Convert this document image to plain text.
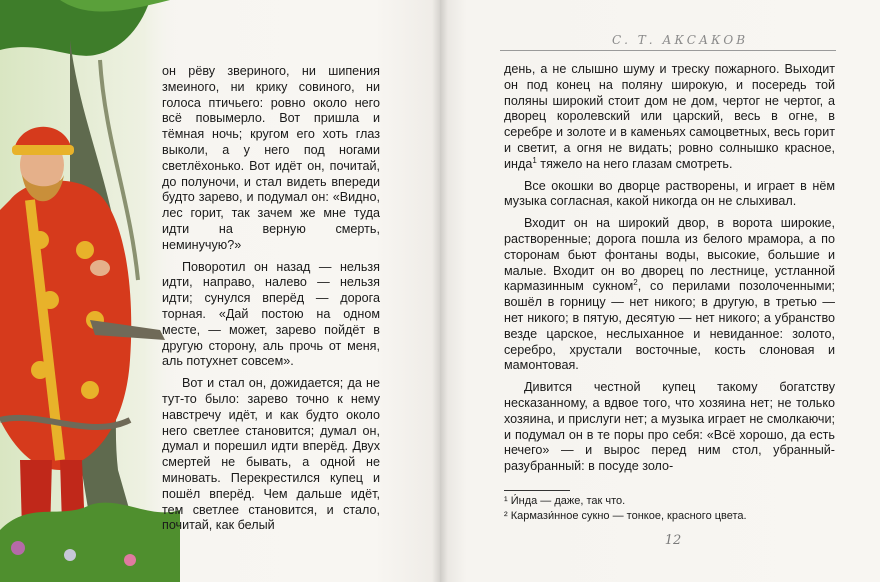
он рёву звериного, ни шипения змеиного, ни крику совиного, ни голоса птичьего: ровно около него всё повымерло. Вот пришла и тёмная ночь; кругом его хоть глаз выколи, а у него под ногами светлёхонько. Вот идёт он, почитай, до полуночи, и стал видеть впереди будто зарево, и подумал он: «Видно, лес горит, так зачем же мне туда идти на верную смерть, неминучую?»

Поворотил он назад — нельзя идти, направо, налево — нельзя идти; сунулся вперёд — дорога торная. «Дай постою на одном месте, — может, зарево пойдёт в другую сторону, аль прочь от меня, аль потухнет совсем».

Вот и стал он, дожидается; да не тут-то было: зарево точно к нему навстречу идёт, и как будто около него светлее становится; думал он, думал и порешил идти вперёд. Двух смертей не бывать, а одной не миновать. Перекрестился купец и пошёл вперёд. Чем дальше идёт, тем светлее становится, и стало, почитай, как белый

С. Т. АКСАКОВ

день, а не слышно шуму и треску пожарного. Выходит он под конец на поляну широкую, и посередь той поляны широкий стоит дом не дом, чертог не чертог, а дворец королевский или царский, весь в огне, в серебре и золоте и в каменьях самоцветных, весь горит и светит, а огня не видать; ровно солнышко красное, инда$^1$ тяжело на него глазам смотреть.

Все окошки во дворце растворены, и играет в нём музыка согласная, какой никогда он не слыхивал.

Входит он на широкий двор, в ворота широкие, растворенные; дорога пошла из белого мрамора, а по сторонам бьют фонтаны воды, высокие, большие и малые. Входит он во дворец по лестнице, устланной кармазинным сукном$^2$, со перилами позолоченными; вошёл в горницу — нет никого; в другую, в третью — нет никого; в пятую, десятую — нет никого; а убранство везде царское, неслыханное и невиданное: золото, серебро, хрустали восточные, кость слоновая и мамонтовая.

Дивится честной купец такому богатству несказанному, а вдвое того, что хозяина нет; не только хозяина, и прислуги нет; а музыка играет не смолкаючи; и подумал он в те поры про себя: «Всё хорошо, да есть нечего» — и вырос перед ним стол, убранный-разубранный: в посуде золо-

¹ И́нда — даже, так что.
² Кармази́нное сукно — тонкое, красного цвета.
12
